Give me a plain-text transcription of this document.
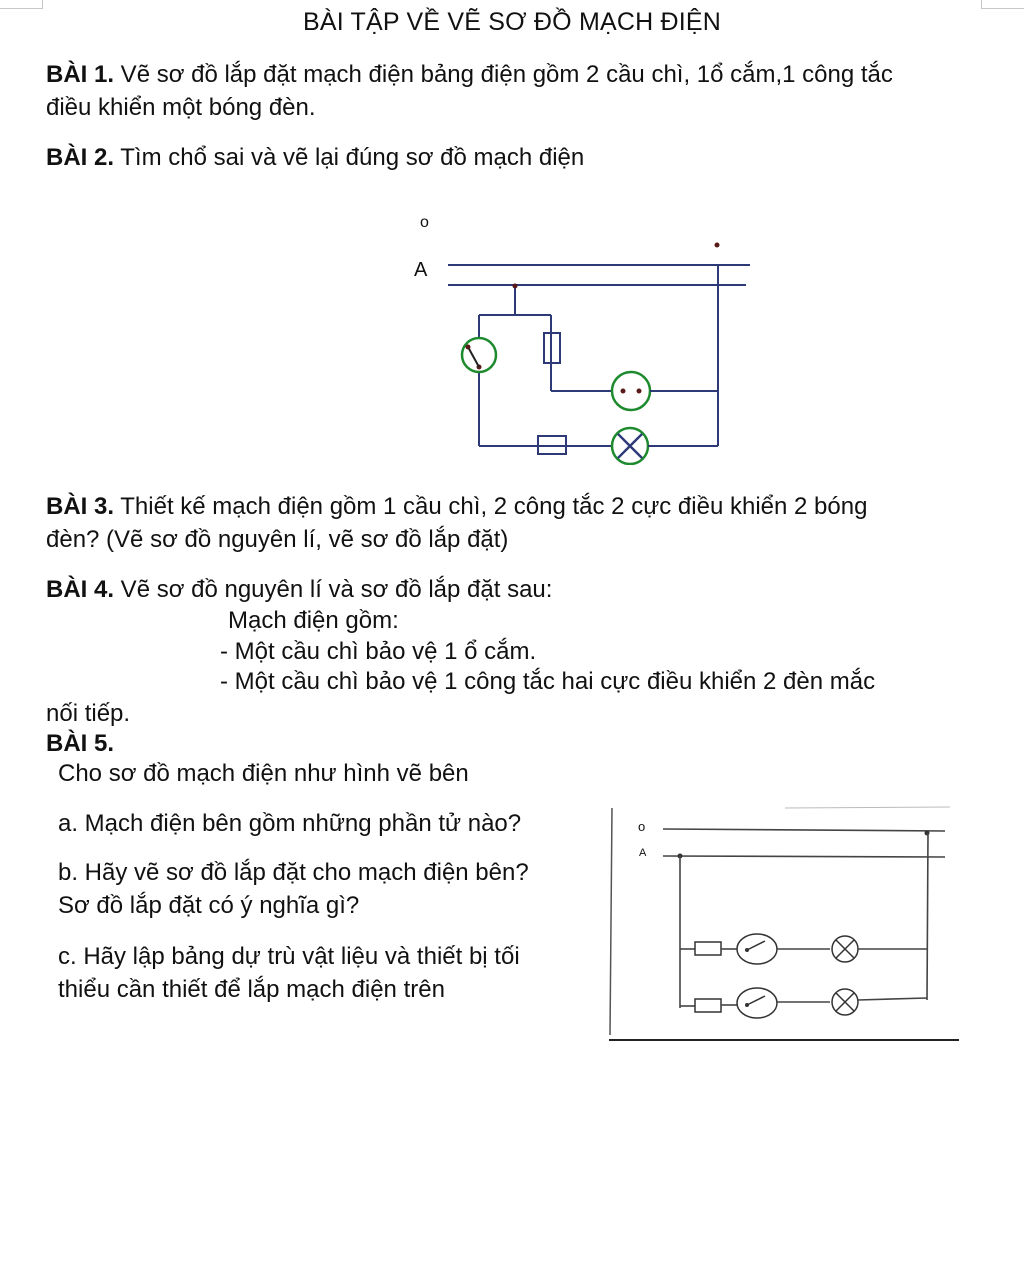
BÀI TẬP VỀ VẼ SƠ ĐỒ MẠCH ĐIỆN

BÀI 1. Vẽ sơ đồ lắp đặt mạch điện bảng điện gồm 2 cầu chì, 1ổ cắm,1 công tắc
điều khiển một bóng đèn.

BÀI 2. Tìm chổ sai và vẽ lại đúng sơ đồ mạch điện

o
A

BÀI 3. Thiết kế mạch điện gồm 1 cầu chì, 2 công tắc 2 cực điều khiển 2 bóng
đèn? (Vẽ sơ đồ nguyên lí, vẽ sơ đồ lắp đặt)

BÀI 4. Vẽ sơ đồ nguyên lí và sơ đồ lắp đặt sau:

Mạch điện gồm:

- Một cầu chì bảo vệ 1 ổ cắm.

- Một cầu chì bảo vệ 1 công tắc hai cực điều khiển 2 đèn mắc

nối tiếp.

BÀI 5.

Cho sơ đồ mạch điện như hình vẽ bên

a. Mạch điện bên gồm những phần tử nào?

b. Hãy vẽ sơ đồ lắp đặt cho mạch điện bên?
Sơ đồ lắp đặt có ý nghĩa gì?

c. Hãy lập bảng dự trù vật liệu và thiết bị tối
thiểu cần thiết để lắp mạch điện trên

o
A
